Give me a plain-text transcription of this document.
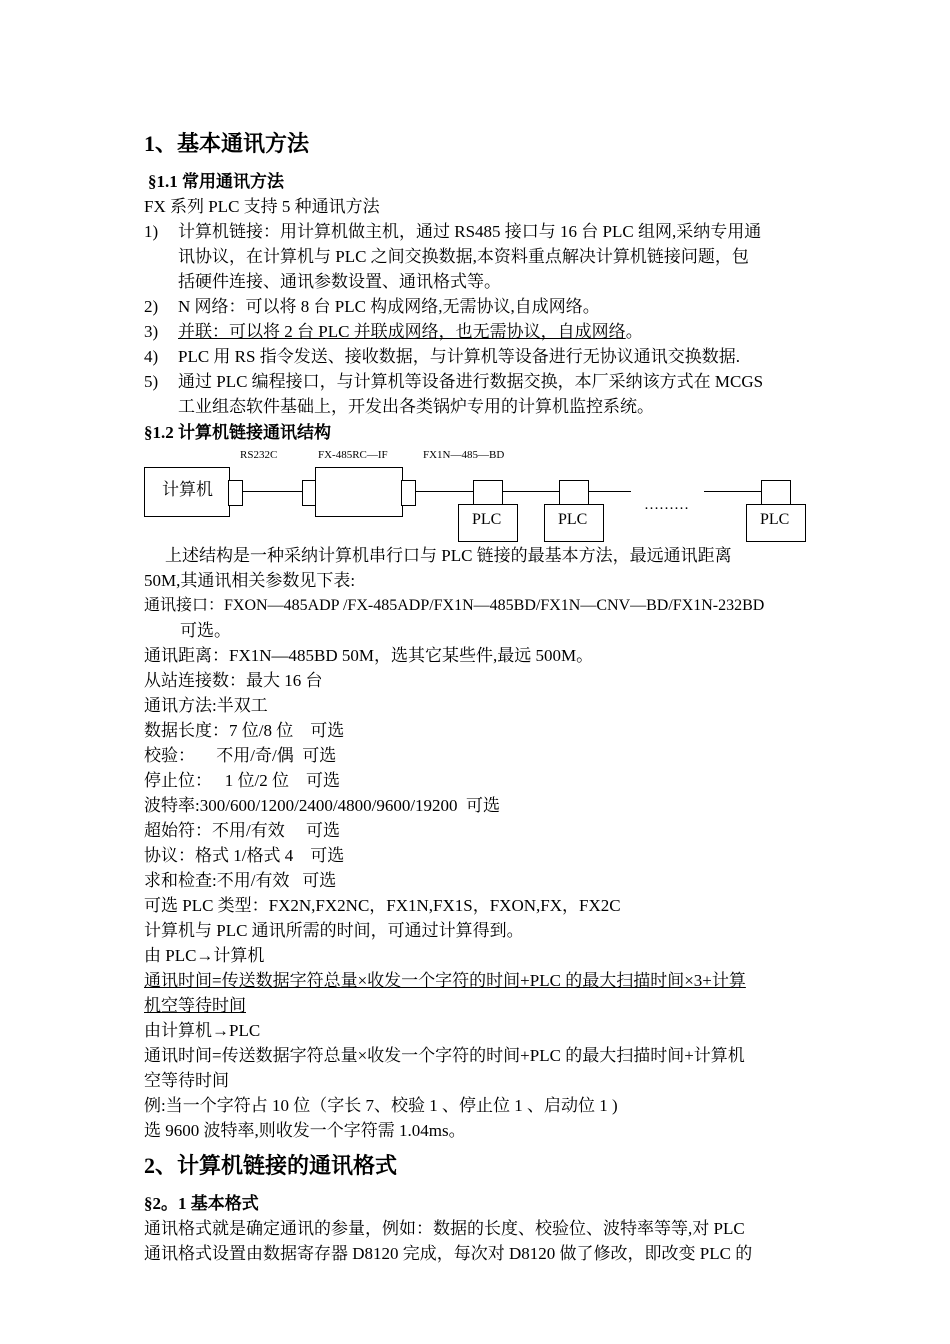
1、基本通讯方法
§1.1 常用通讯方法
FX 系列 PLC 支持 5 种通讯方法
1) 计算机链接：用计算机做主机，通过 RS485 接口与 16 台 PLC 组网,采纳专用通
讯协议，在计算机与 PLC 之间交换数据,本资料重点解决计算机链接问题，包
括硬件连接、通讯参数设置、通讯格式等。
2) N 网络：可以将 8 台 PLC 构成网络,无需协议,自成网络。
3) 并联：可以将 2 台 PLC 并联成网络，也无需协议，自成网络。
4) PLC 用 RS 指令发送、接收数据，与计算机等设备进行无协议通讯交换数据.
5) 通过 PLC 编程接口，与计算机等设备进行数据交换，本厂采纳该方式在 MCGS
工业组态软件基础上，开发出各类锅炉专用的计算机监控系统。
§1.2 计算机链接通讯结构
RS232C	FX-485RC—IF	FX1N—485—BD
计算机
PLC	PLC
………
PLC
上述结构是一种采纳计算机串行口与 PLC 链接的最基本方法，最远通讯距离
50M,其通讯相关参数见下表:
通讯接口：FXON—485ADP /FX-485ADP/FX1N—485BD/FX1N—CNV—BD/FX1N-232BD
可选。
通讯距离：FX1N—485BD 50M，选其它某些件,最远 500M。
从站连接数：最大 16 台
通讯方法:半双工
数据长度：7 位/8 位    可选
校验：     不用/奇/偶  可选
停止位：   1 位/2 位    可选
波特率:300/600/1200/2400/4800/9600/19200  可选
超始符：不用/有效     可选
协议：格式 1/格式 4    可选
求和检查:不用/有效   可选
可选 PLC 类型：FX2N,FX2NC，FX1N,FX1S，FXON,FX，FX2C
计算机与 PLC 通讯所需的时间，可通过计算得到。
由 PLC→计算机
通讯时间=传送数据字符总量×收发一个字符的时间+PLC 的最大扫描时间×3+计算
机空等待时间
由计算机→PLC
通讯时间=传送数据字符总量×收发一个字符的时间+PLC 的最大扫描时间+计算机
空等待时间
例:当一个字符占 10 位（字长 7、校验 1 、停止位 1 、启动位 1 )
选 9600 波特率,则收发一个字符需 1.04ms。
2、计算机链接的通讯格式
§2。1 基本格式
通讯格式就是确定通讯的参量，例如：数据的长度、校验位、波特率等等,对 PLC
通讯格式设置由数据寄存器 D8120 完成，每次对 D8120 做了修改，即改变 PLC 的
